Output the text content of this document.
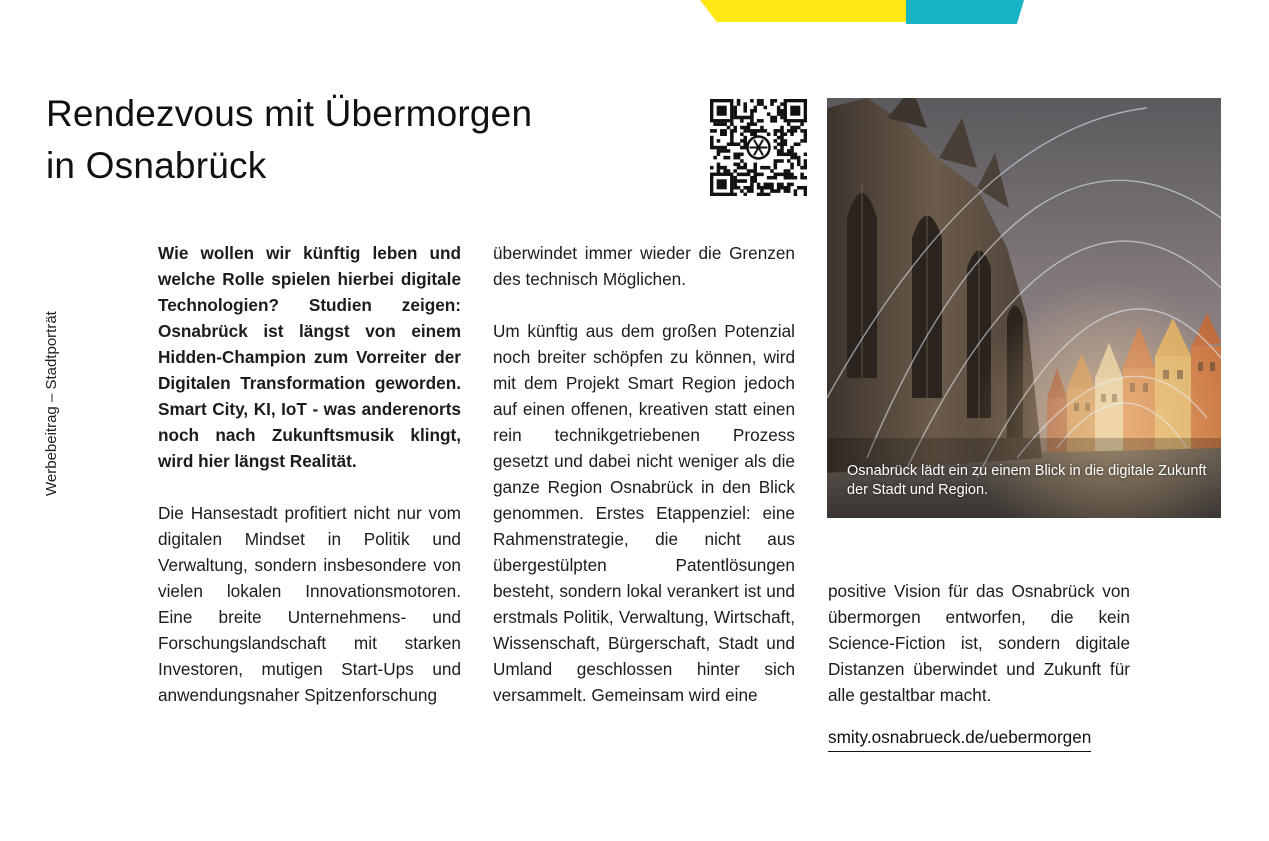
Rendezvous mit Übermorgen
in Osnabrück
Werbebeitrag – Stadtporträt

Wie wollen wir künftig leben und welche Rolle spielen hierbei digitale Technologien? Studien zeigen: Osnabrück ist längst von einem Hidden-Champion zum Vorreiter der Digitalen Transformation geworden. Smart City, KI, IoT - was anderenorts noch nach Zukunftsmusik klingt, wird hier längst Realität.

Die Hansestadt profitiert nicht nur vom digitalen Mindset in Politik und Verwaltung, sondern insbesondere von vielen lokalen Innovationsmotoren. Eine breite Unternehmens- und Forschungslandschaft mit starken Investoren, mutigen Start-Ups und anwendungsnaher Spitzenforschung

überwindet immer wieder die Grenzen des technisch Möglichen.

Um künftig aus dem großen Potenzial noch breiter schöpfen zu können, wird mit dem Projekt Smart Region jedoch auf einen offenen, kreativen statt einen rein technikgetriebenen Prozess gesetzt und dabei nicht weniger als die ganze Region Osnabrück in den Blick genommen. Erstes Etappenziel: eine Rahmenstrategie, die nicht aus übergestülpten Patentlösungen besteht, sondern lokal verankert ist und erstmals Politik, Verwaltung, Wirtschaft, Wissenschaft, Bürgerschaft, Stadt und Umland geschlossen hinter sich versammelt. Gemeinsam wird eine

Osnabrück lädt ein zu einem Blick in die digitale Zukunft der Stadt und Region.

positive Vision für das Osnabrück von übermorgen entworfen, die kein Science-Fiction ist, sondern digitale Distanzen überwindet und Zukunft für alle gestaltbar macht.

smity.osnabrueck.de/uebermorgen
